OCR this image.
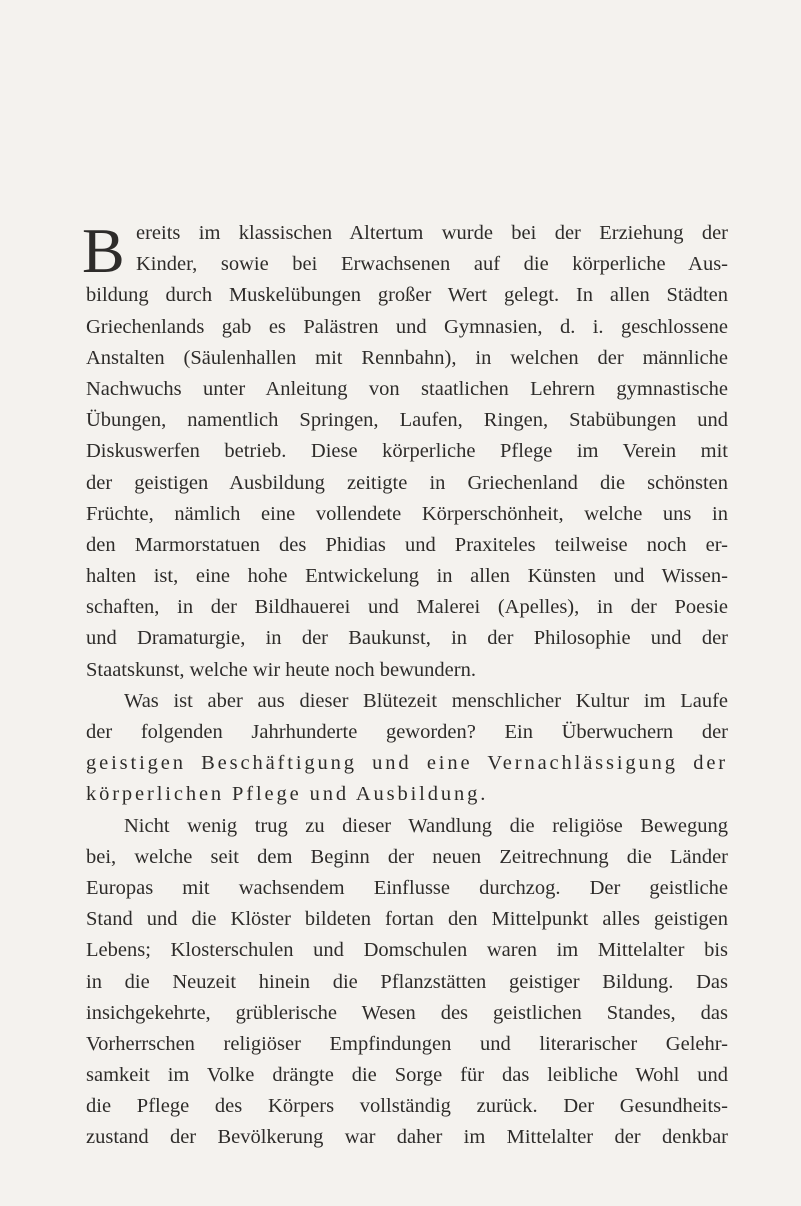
B ereits im klassischen Altertum wurde bei der Erziehung der
Kinder, sowie bei Erwachsenen auf die körperliche Aus-
bildung durch Muskelübungen großer Wert gelegt. In allen Städten
Griechenlands gab es Palästren und Gymnasien, d. i. geschlossene
Anstalten (Säulenhallen mit Rennbahn), in welchen der männliche
Nachwuchs unter Anleitung von staatlichen Lehrern gymnastische
Übungen, namentlich Springen, Laufen, Ringen, Stabübungen und
Diskuswerfen betrieb. Diese körperliche Pflege im Verein mit
der geistigen Ausbildung zeitigte in Griechenland die schönsten
Früchte, nämlich eine vollendete Körperschönheit, welche uns in
den Marmorstatuen des Phidias und Praxiteles teilweise noch er-
halten ist, eine hohe Entwickelung in allen Künsten und Wissen-
schaften, in der Bildhauerei und Malerei (Apelles), in der Poesie
und Dramaturgie, in der Baukunst, in der Philosophie und der
Staatskunst, welche wir heute noch bewundern.
Was ist aber aus dieser Blütezeit menschlicher Kultur im Laufe
der folgenden Jahrhunderte geworden? Ein Überwuchern der
geistigen Beschäftigung und eine Vernachlässigung der
körperlichen Pflege und Ausbildung.
Nicht wenig trug zu dieser Wandlung die religiöse Bewegung
bei, welche seit dem Beginn der neuen Zeitrechnung die Länder
Europas mit wachsendem Einflusse durchzog. Der geistliche
Stand und die Klöster bildeten fortan den Mittelpunkt alles geistigen
Lebens; Klosterschulen und Domschulen waren im Mittelalter bis
in die Neuzeit hinein die Pflanzstätten geistiger Bildung. Das
insichgekehrte, grüblerische Wesen des geistlichen Standes, das
Vorherrschen religiöser Empfindungen und literarischer Gelehr-
samkeit im Volke drängte die Sorge für das leibliche Wohl und
die Pflege des Körpers vollständig zurück. Der Gesundheits-
zustand der Bevölkerung war daher im Mittelalter der denkbar
